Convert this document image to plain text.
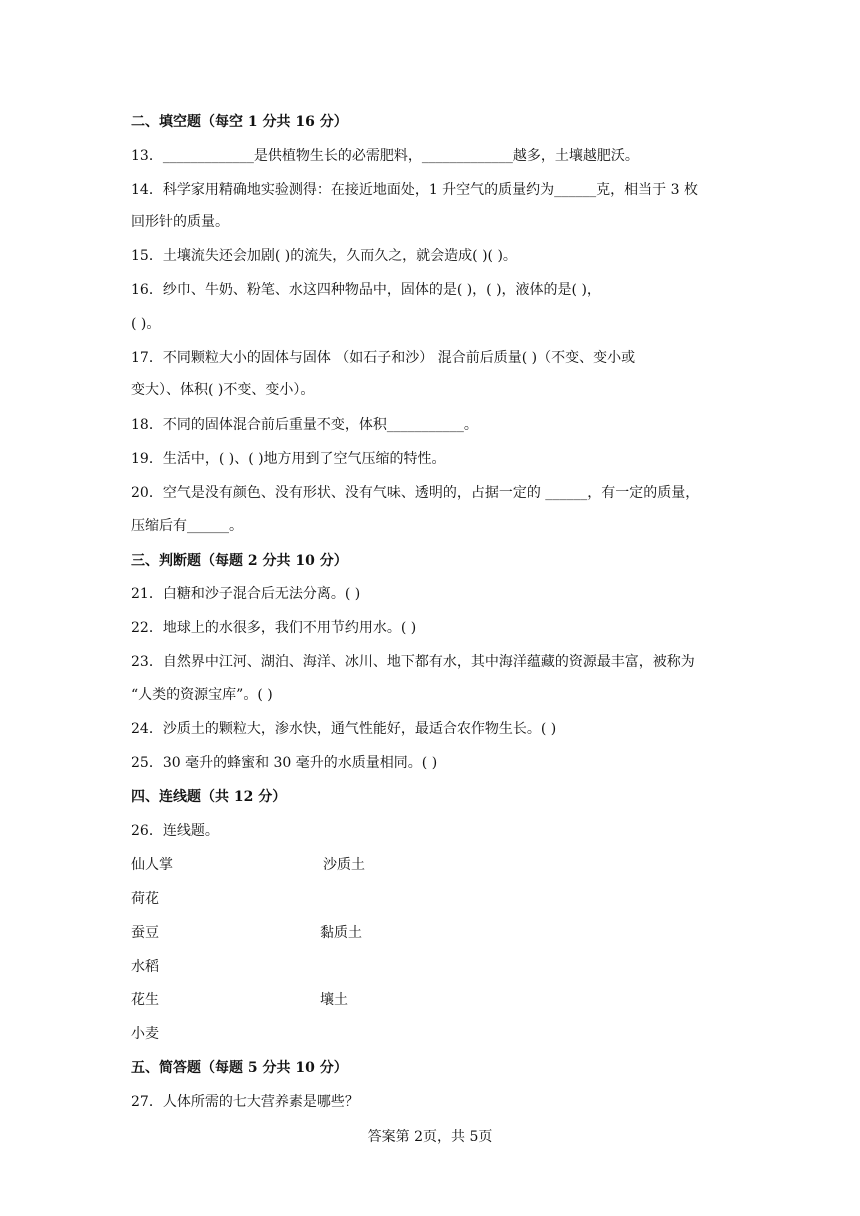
二、填空题（每空 1 分共 16 分）
13．_____________是供植物生长的必需肥料，_____________越多，土壤越肥沃。
14．科学家用精确地实验测得：在接近地面处，1 升空气的质量约为______克，相当于 3 枚
回形针的质量。
15．土壤流失还会加剧( )的流失，久而久之，就会造成( )( )。
16．纱巾、牛奶、粉笔、水这四种物品中，固体的是( )，( )，液体的是( )，
( )。
17．不同颗粒大小的固体与固体 （如石子和沙） 混合前后质量( )（不变、变小或
变大）、体积( )不变、变小）。
18．不同的固体混合前后重量不变，体积___________。
19．生活中，( )、( )地方用到了空气压缩的特性。
20．空气是没有颜色、没有形状、没有气味、透明的，占据一定的 ______，有一定的质量，
压缩后有______。
三、判断题（每题 2 分共 10 分）
21．白糖和沙子混合后无法分离。( )
22．地球上的水很多，我们不用节约用水。( )
23．自然界中江河、湖泊、海洋、冰川、地下都有水，其中海洋蕴藏的资源最丰富，被称为
“人类的资源宝库”。( )
24．沙质土的颗粒大，渗水快，通气性能好，最适合农作物生长。( )
25．30 毫升的蜂蜜和 30 毫升的水质量相同。( )
四、连线题（共 12 分）
26．连线题。
仙人掌
荷花
蚕豆
水稻
花生
小麦
沙质土
黏质土
壤土
五、简答题（每题 5 分共 10 分）
27．人体所需的七大营养素是哪些？
答案第 2页，共 5页
